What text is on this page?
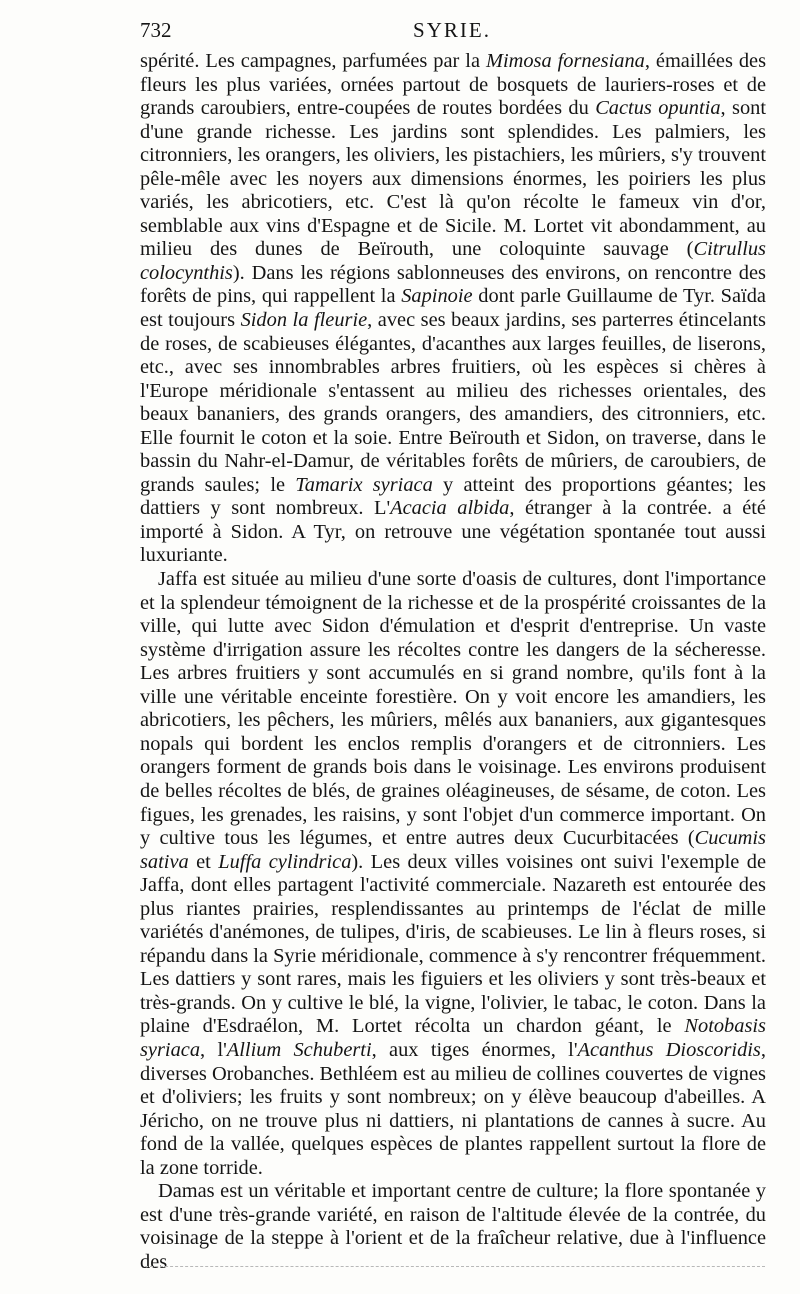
732	SYRIE.

spérité. Les campagnes, parfumées par la Mimosa fornesiana, émaillées des fleurs les plus variées, ornées partout de bosquets de lauriers-roses et de grands caroubiers, entre-coupées de routes bordées du Cactus opuntia, sont d'une grande richesse. Les jardins sont splendides. Les palmiers, les citronniers, les orangers, les oliviers, les pistachiers, les mûriers, s'y trouvent pêle-mêle avec les noyers aux dimensions énormes, les poiriers les plus variés, les abricotiers, etc. C'est là qu'on récolte le fameux vin d'or, semblable aux vins d'Espagne et de Sicile. M. Lortet vit abondamment, au milieu des dunes de Beïrouth, une coloquinte sauvage (Citrullus colocynthis). Dans les régions sablonneuses des environs, on rencontre des forêts de pins, qui rappellent la Sapinoie dont parle Guillaume de Tyr. Saïda est toujours Sidon la fleurie, avec ses beaux jardins, ses parterres étincelants de roses, de scabieuses élégantes, d'acanthes aux larges feuilles, de liserons, etc., avec ses innombrables arbres fruitiers, où les espèces si chères à l'Europe méridionale s'entassent au milieu des richesses orientales, des beaux bananiers, des grands orangers, des amandiers, des citronniers, etc. Elle fournit le coton et la soie. Entre Beïrouth et Sidon, on traverse, dans le bassin du Nahr-el-Damur, de véritables forêts de mûriers, de caroubiers, de grands saules; le Tamarix syriaca y atteint des proportions géantes; les dattiers y sont nombreux. L'Acacia albida, étranger à la contrée. a été importé à Sidon. A Tyr, on retrouve une végétation spontanée tout aussi luxuriante.

Jaffa est située au milieu d'une sorte d'oasis de cultures, dont l'importance et la splendeur témoignent de la richesse et de la prospérité croissantes de la ville, qui lutte avec Sidon d'émulation et d'esprit d'entreprise. Un vaste système d'irrigation assure les récoltes contre les dangers de la sécheresse. Les arbres fruitiers y sont accumulés en si grand nombre, qu'ils font à la ville une véritable enceinte forestière. On y voit encore les amandiers, les abricotiers, les pêchers, les mûriers, mêlés aux bananiers, aux gigantesques nopals qui bordent les enclos remplis d'orangers et de citronniers. Les orangers forment de grands bois dans le voisinage. Les environs produisent de belles récoltes de blés, de graines oléagineuses, de sésame, de coton. Les figues, les grenades, les raisins, y sont l'objet d'un commerce important. On y cultive tous les légumes, et entre autres deux Cucurbitacées (Cucumis sativa et Luffa cylindrica). Les deux villes voisines ont suivi l'exemple de Jaffa, dont elles partagent l'activité commerciale. Nazareth est entourée des plus riantes prairies, resplendissantes au printemps de l'éclat de mille variétés d'anémones, de tulipes, d'iris, de scabieuses. Le lin à fleurs roses, si répandu dans la Syrie méridionale, commence à s'y rencontrer fréquemment. Les dattiers y sont rares, mais les figuiers et les oliviers y sont très-beaux et très-grands. On y cultive le blé, la vigne, l'olivier, le tabac, le coton. Dans la plaine d'Esdraélon, M. Lortet récolta un chardon géant, le Notobasis syriaca, l'Allium Schuberti, aux tiges énormes, l'Acanthus Dioscoridis, diverses Orobanches. Bethléem est au milieu de collines couvertes de vignes et d'oliviers; les fruits y sont nombreux; on y élève beaucoup d'abeilles. A Jéricho, on ne trouve plus ni dattiers, ni plantations de cannes à sucre. Au fond de la vallée, quelques espèces de plantes rappellent surtout la flore de la zone torride.

Damas est un véritable et important centre de culture; la flore spontanée y est d'une très-grande variété, en raison de l'altitude élevée de la contrée, du voisinage de la steppe à l'orient et de la fraîcheur relative, due à l'influence des
